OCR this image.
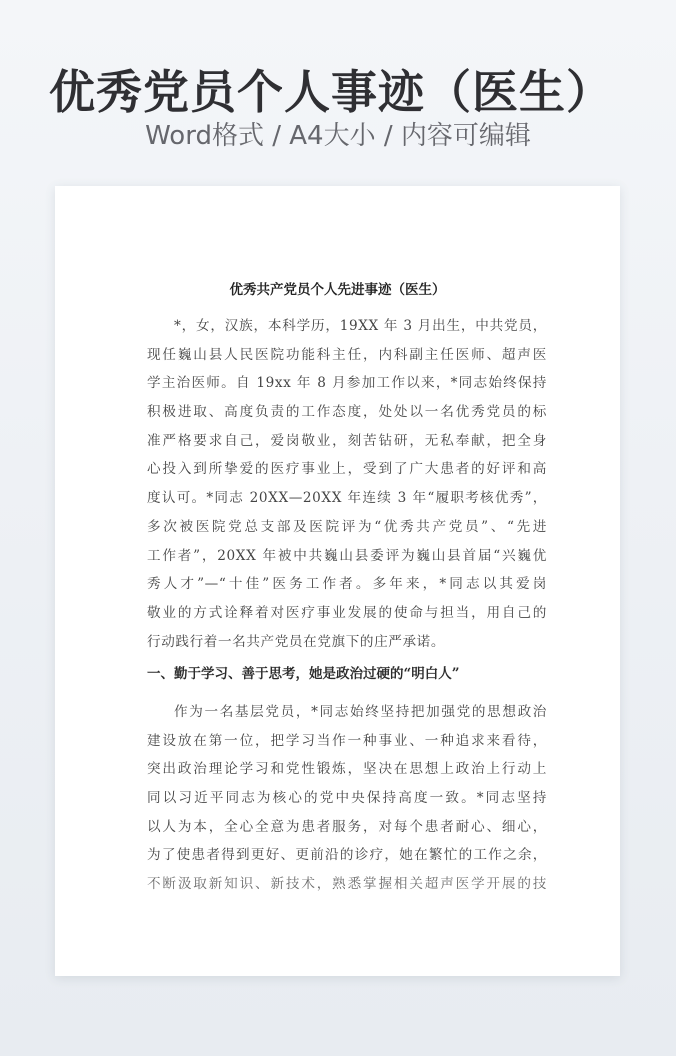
优秀党员个人事迹（医生）
Word格式 / A4大小 / 内容可编辑
优秀共产党员个人先进事迹（医生）

*，女，汉族，本科学历，19XX 年 3 月出生，中共党员，
现任巍山县人民医院功能科主任，内科副主任医师、超声医
学主治医师。自 19xx 年 8 月参加工作以来，*同志始终保持
积极进取、高度负责的工作态度，处处以一名优秀党员的标
准严格要求自己，爱岗敬业，刻苦钻研，无私奉献，把全身
心投入到所挚爱的医疗事业上，受到了广大患者的好评和高
度认可。*同志 20XX—20XX 年连续 3 年“履职考核优秀”，
多次被医院党总支部及医院评为“优秀共产党员”、“先进
工作者”，20XX 年被中共巍山县委评为巍山县首届“兴巍优
秀人才”—“十佳”医务工作者。多年来，*同志以其爱岗
敬业的方式诠释着对医疗事业发展的使命与担当，用自己的
行动践行着一名共产党员在党旗下的庄严承诺。

一、勤于学习、善于思考，她是政治过硬的“明白人”

作为一名基层党员，*同志始终坚持把加强党的思想政治
建设放在第一位，把学习当作一种事业、一种追求来看待，
突出政治理论学习和党性锻炼，坚决在思想上政治上行动上
同以习近平同志为核心的党中央保持高度一致。*同志坚持
以人为本，全心全意为患者服务，对每个患者耐心、细心，
为了使患者得到更好、更前沿的诊疗，她在繁忙的工作之余，
不断汲取新知识、新技术，熟悉掌握相关超声医学开展的技
